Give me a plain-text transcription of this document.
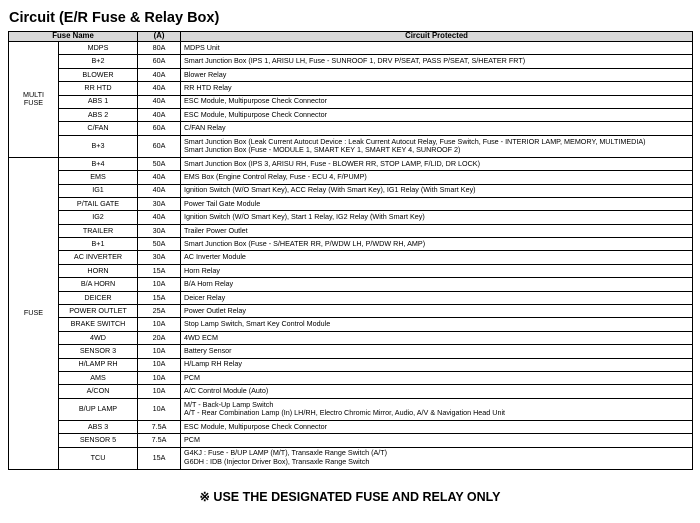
Circuit (E/R Fuse & Relay Box)
Fuse Name		(A)	Circuit Protected

MULTI
FUSE	MDPS	80A	MDPS Unit

	B+2	60A	Smart Junction Box (IPS 1, ARISU LH, Fuse - SUNROOF 1, DRV P/SEAT, PASS P/SEAT, S/HEATER FRT)

	BLOWER	40A	Blower Relay

	RR HTD	40A	RR HTD Relay

	ABS 1	40A	ESC Module, Multipurpose Check Connector

	ABS 2	40A	ESC Module, Multipurpose Check Connector

	C/FAN	60A	C/FAN Relay

	B+3	60A	Smart Junction Box (Leak Current Autocut Device : Leak Current Autocut Relay, Fuse Switch, Fuse - INTERIOR LAMP, MEMORY, MULTIMEDIA)
Smart Junction Box (Fuse - MODULE 1, SMART KEY 1, SMART KEY 4, SUNROOF 2)

FUSE	B+4	50A	Smart Junction Box (IPS 3, ARISU RH, Fuse - BLOWER RR, STOP LAMP, F/LID, DR LOCK)

	EMS	40A	EMS Box (Engine Control Relay, Fuse - ECU 4, F/PUMP)

	IG1	40A	Ignition Switch (W/O Smart Key), ACC Relay (With Smart Key), IG1 Relay (With Smart Key)

	P/TAIL GATE	30A	Power Tail Gate Module

	IG2	40A	Ignition Switch (W/O Smart Key), Start 1 Relay, IG2 Relay (With Smart Key)

	TRAILER	30A	Trailer Power Outlet

	B+1	50A	Smart Junction Box (Fuse - S/HEATER RR, P/WDW LH, P/WDW RH, AMP)

	AC INVERTER	30A	AC Inverter Module

	HORN	15A	Horn Relay

	B/A HORN	10A	B/A Horn Relay

	DEICER	15A	Deicer Relay

	POWER OUTLET	25A	Power Outlet Relay

	BRAKE SWITCH	10A	Stop Lamp Switch, Smart Key Control Module

	4WD	20A	4WD ECM

	SENSOR 3	10A	Battery Sensor

	H/LAMP RH	10A	H/Lamp RH Relay

	AMS	10A	PCM

	A/CON	10A	A/C Control Module (Auto)

	B/UP LAMP	10A	M/T - Back-Up Lamp Switch
A/T - Rear Combination Lamp (In) LH/RH, Electro Chromic Mirror, Audio, A/V & Navigation Head Unit

	ABS 3	7.5A	ESC Module, Multipurpose Check Connector

	SENSOR 5	7.5A	PCM

	TCU	15A	G4KJ : Fuse - B/UP LAMP (M/T), Transaxle Range Switch (A/T)
G6DH : IDB (Injector Driver Box), Transaxle Range Switch

※ USE THE DESIGNATED FUSE AND RELAY ONLY
